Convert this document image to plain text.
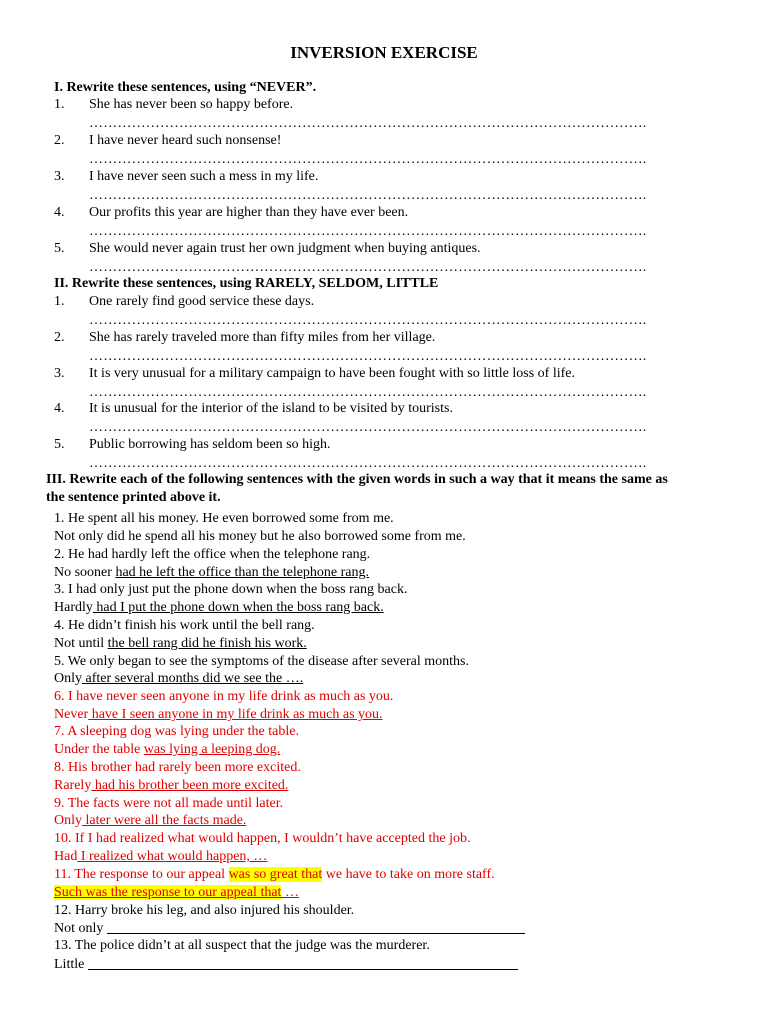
INVERSION EXERCISE
I. Rewrite these sentences, using “NEVER”.
1. She has never been so happy before.
……………………………………………………………………………………………………….
2. I have never heard such nonsense!
……………………………………………………………………………………………………….
3. I have never seen such a mess in my life.
……………………………………………………………………………………………………….
4. Our profits this year are higher than they have ever been.
……………………………………………………………………………………………………….
5. She would never again trust her own judgment when buying antiques.
……………………………………………………………………………………………………….
II. Rewrite these sentences, using RARELY, SELDOM, LITTLE
1. One rarely find good service these days.
……………………………………………………………………………………………………….
2. She has rarely traveled more than fifty miles from her village.
……………………………………………………………………………………………………….
3. It is very unusual for a military campaign to have been fought with so little loss of life.
……………………………………………………………………………………………………….
4. It is unusual for the interior of the island to be visited by tourists.
……………………………………………………………………………………………………….
5. Public borrowing has seldom been so high.
……………………………………………………………………………………………………….
III. Rewrite each of the following sentences with the given words in such a way that it means the same as the sentence printed above it.
1. He spent all his money. He even borrowed some from me.
Not only did he spend all his money but he also borrowed some from me.
2. He had hardly left the office when the telephone rang.
No sooner had he left the office than the telephone rang.
3. I had only just put the phone down when the boss rang back.
Hardly had I put the phone down when the boss rang back.
4. He didn’t finish his work until the bell rang.
Not until the bell rang did he finish his work.
5. We only began to see the symptoms of the disease after several months.
Only after several months did we see the ….
6. I have never seen anyone in my life drink as much as you.
Never have I seen anyone in my life drink as much as you.
7. A sleeping dog was lying under the table.
Under the table was lying a leeping dog.
8. His brother had rarely been more excited.
Rarely had his brother been more excited.
9. The facts were not all made until later.
Only later were all the facts made.
10. If I had realized what would happen, I wouldn’t have accepted the job.
Had I realized what would happen, …
11. The response to our appeal was so great that we have to take on more staff.
Such was the response to our appeal that …
12. Harry broke his leg, and also injured his shoulder.
Not only
13. The police didn’t at all suspect that the judge was the murderer.
Little
